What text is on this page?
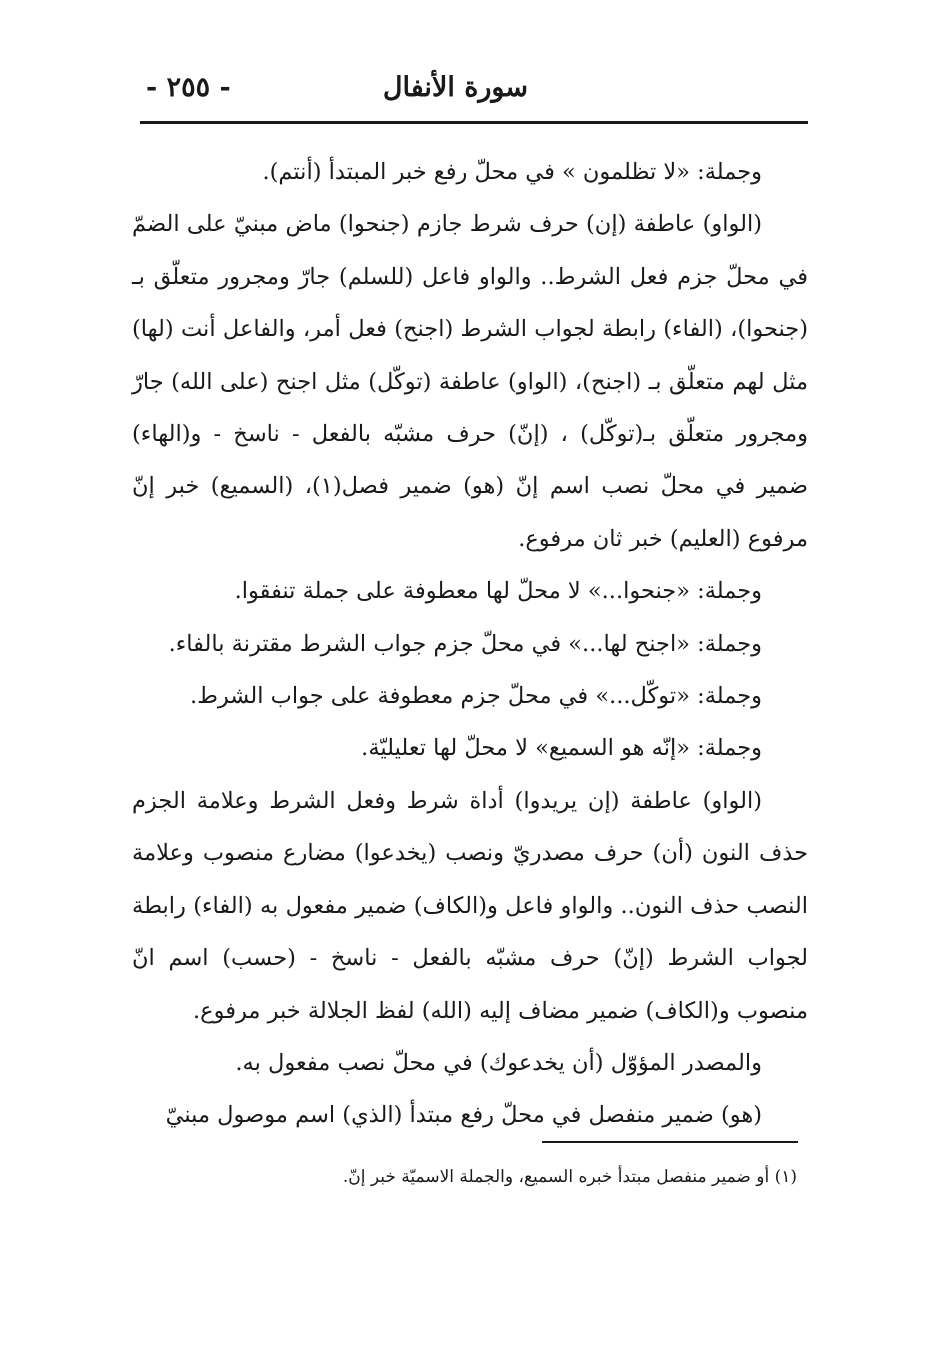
- ٢٥٥ -	سورة الأنفال

وجملة: «لا تظلمون » في محلّ رفع خبر المبتدأ (أنتم).

(الواو) عاطفة (إن) حرف شرط جازم (جنحوا) ماض مبنيّ على الضمّ في محلّ جزم فعل الشرط.. والواو فاعل (للسلم) جارّ ومجرور متعلّق بـ (جنحوا)، (الفاء) رابطة لجواب الشرط (اجنح) فعل أمر، والفاعل أنت (لها) مثل لهم متعلّق بـ (اجنح)، (الواو) عاطفة (توكّل) مثل اجنح (على الله) جارّ ومجرور متعلّق بـ(توكّل) ، (إنّ) حرف مشبّه بالفعل - ناسخ - و(الهاء) ضمير في محلّ نصب اسم إنّ (هو) ضمير فصل(١)، (السميع) خبر إنّ مرفوع (العليم) خبر ثان مرفوع.

وجملة: «جنحوا...» لا محلّ لها معطوفة على جملة تنفقوا.

وجملة: «اجنح لها...» في محلّ جزم جواب الشرط مقترنة بالفاء.

وجملة: «توكّل...» في محلّ جزم معطوفة على جواب الشرط.

وجملة: «إنّه هو السميع» لا محلّ لها تعليليّة.

(الواو) عاطفة (إن يريدوا) أداة شرط وفعل الشرط وعلامة الجزم حذف النون (أن) حرف مصدريّ ونصب (يخدعوا) مضارع منصوب وعلامة النصب حذف النون.. والواو فاعل و(الكاف) ضمير مفعول به (الفاء) رابطة لجواب الشرط (إنّ) حرف مشبّه بالفعل - ناسخ - (حسب) اسم انّ منصوب و(الكاف) ضمير مضاف إليه (الله) لفظ الجلالة خبر مرفوع.

والمصدر المؤوّل (أن يخدعوك) في محلّ نصب مفعول به.

(هو) ضمير منفصل في محلّ رفع مبتدأ (الذي) اسم موصول مبنيّ

(١) أو ضمير منفصل مبتدأ خبره السميع، والجملة الاسميّة خبر إنّ.
